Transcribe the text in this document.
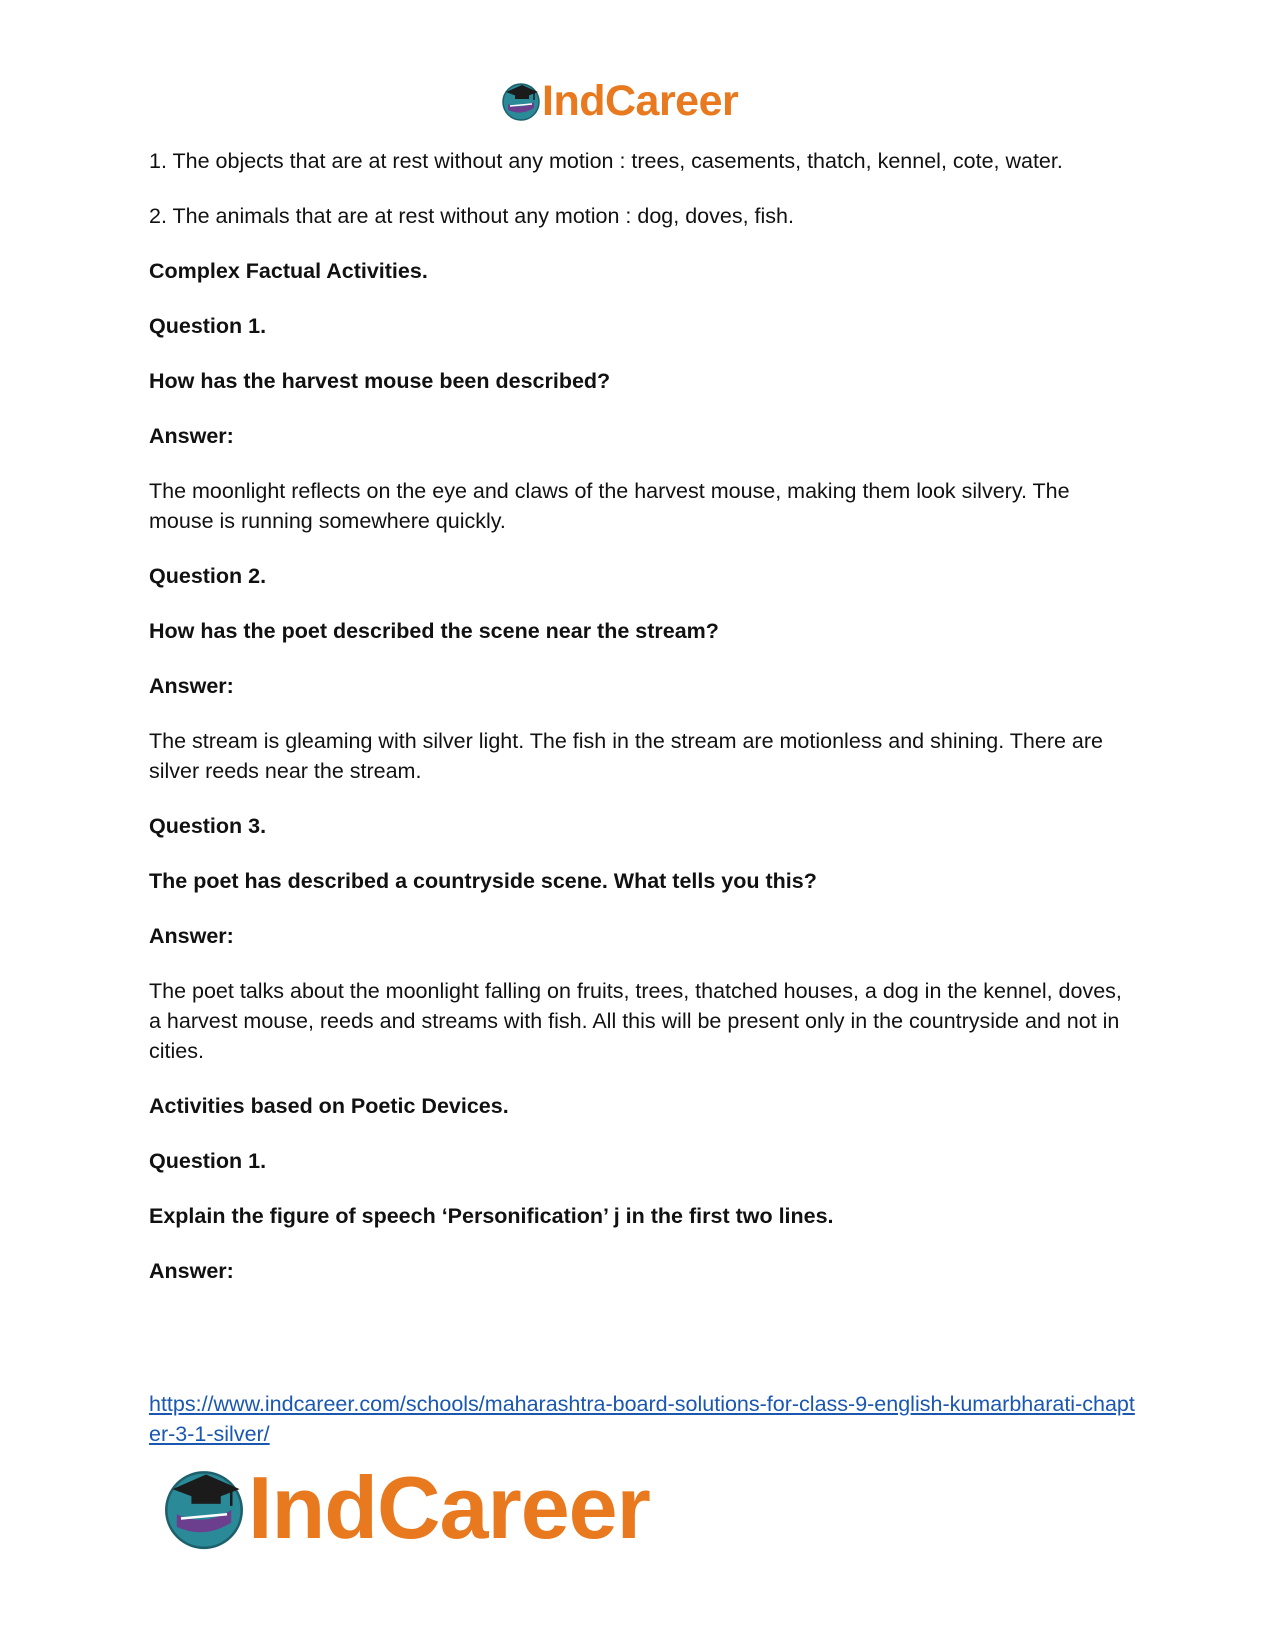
IndCareer

1. The objects that are at rest without any motion : trees, casements, thatch, kennel, cote, water.

2. The animals that are at rest without any motion : dog, doves, fish.

Complex Factual Activities.

Question 1.

How has the harvest mouse been described?

Answer:

The moonlight reflects on the eye and claws of the harvest mouse, making them look silvery. The mouse is running somewhere quickly.

Question 2.

How has the poet described the scene near the stream?

Answer:

The stream is gleaming with silver light. The fish in the stream are motionless and shining. There are silver reeds near the stream.

Question 3.

The poet has described a countryside scene. What tells you this?

Answer:

The poet talks about the moonlight falling on fruits, trees, thatched houses, a dog in the kennel, doves, a harvest mouse, reeds and streams with fish. All this will be present only in the countryside and not in cities.

Activities based on Poetic Devices.

Question 1.

Explain the figure of speech ‘Personification’ j in the first two lines.

Answer:

https://www.indcareer.com/schools/maharashtra-board-solutions-for-class-9-english-kumarbharati-chapter-3-1-silver/
IndCareer
